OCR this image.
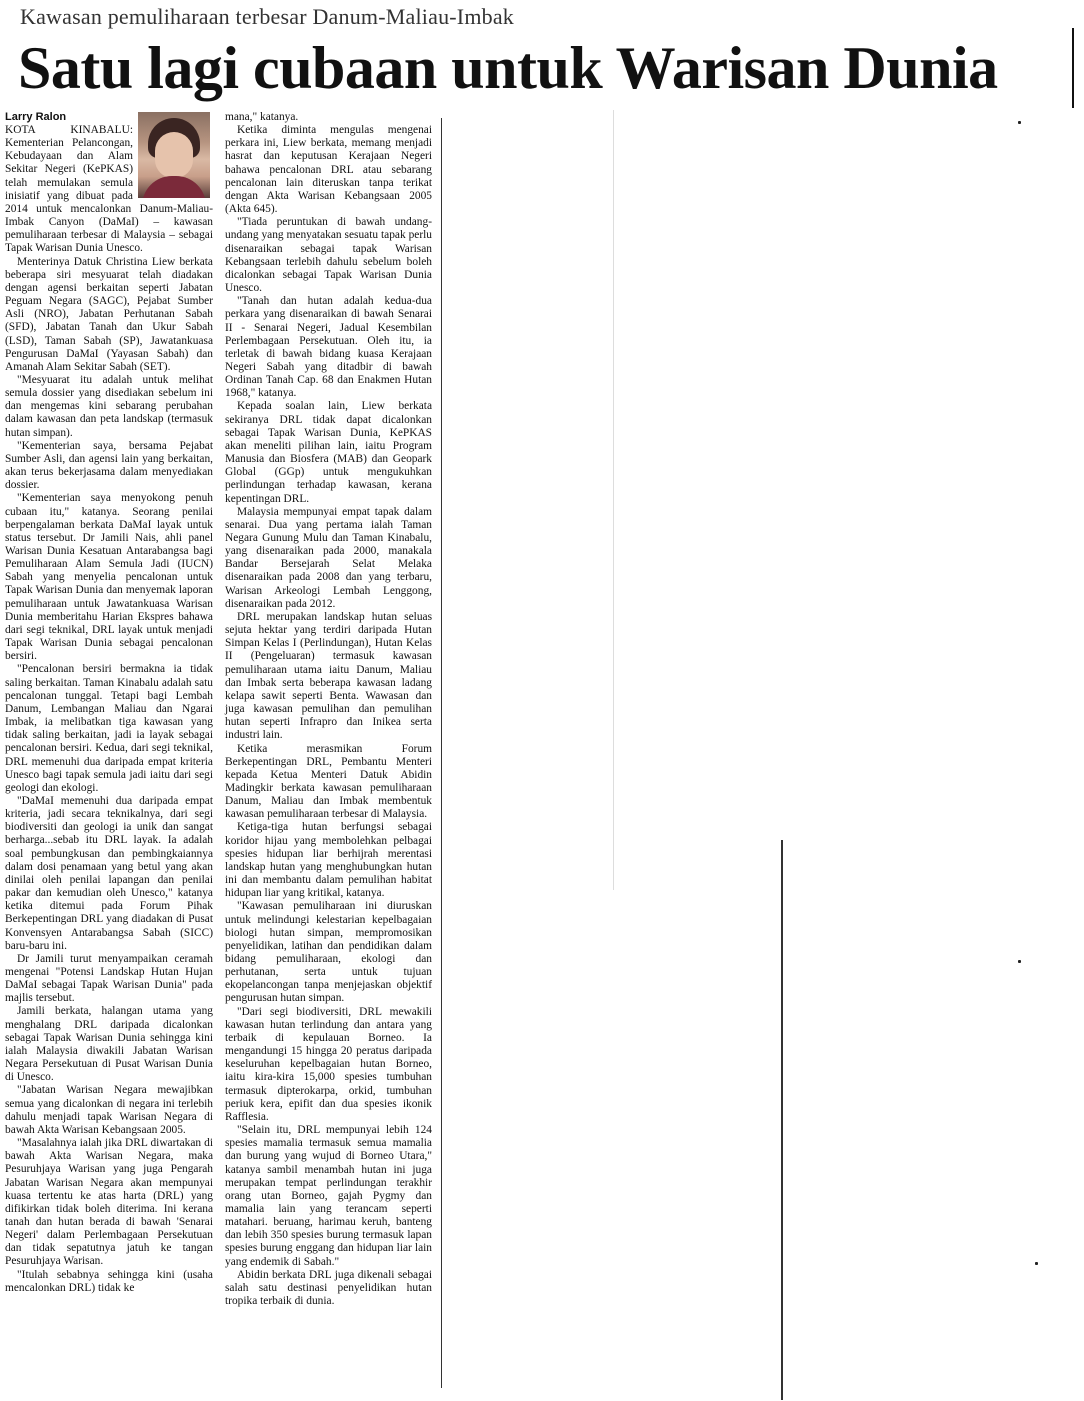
Kawasan pemuliharaan terbesar Danum-Maliau-Imbak
Satu lagi cubaan untuk Warisan Dunia
Larry Ralon

KOTA KINABALU: Kementerian Pelancongan, Kebudayaan dan Alam Sekitar Negeri (KePKAS) telah memulakan semula inisiatif yang dibuat pada 2014 untuk mencalonkan Danum-Maliau-Imbak Canyon (DaMaI) – kawasan pemuliharaan terbesar di Malaysia – sebagai Tapak Warisan Dunia Unesco.

Menterinya Datuk Christina Liew berkata beberapa siri mesyuarat telah diadakan dengan agensi berkaitan seperti Jabatan Peguam Negara (SAGC), Pejabat Sumber Asli (NRO), Jabatan Perhutanan Sabah (SFD), Jabatan Tanah dan Ukur Sabah (LSD), Taman Sabah (SP), Jawatankuasa Pengurusan DaMaI (Yayasan Sabah) dan Amanah Alam Sekitar Sabah (SET).

"Mesyuarat itu adalah untuk melihat semula dossier yang disediakan sebelum ini dan mengemas kini sebarang perubahan dalam kawasan dan peta landskap (termasuk hutan simpan).

"Kementerian saya, bersama Pejabat Sumber Asli, dan agensi lain yang berkaitan, akan terus bekerjasama dalam menyediakan dossier.

"Kementerian saya menyokong penuh cubaan itu," katanya. Seorang penilai berpengalaman berkata DaMaI layak untuk status tersebut. Dr Jamili Nais, ahli panel Warisan Dunia Kesatuan Antarabangsa bagi Pemuliharaan Alam Semula Jadi (IUCN) Sabah yang menyelia pencalonan untuk Tapak Warisan Dunia dan menyemak laporan pemuliharaan untuk Jawatankuasa Warisan Dunia memberitahu Harian Ekspres bahawa dari segi teknikal, DRL layak untuk menjadi Tapak Warisan Dunia sebagai pencalonan bersiri.

"Pencalonan bersiri bermakna ia tidak saling berkaitan. Taman Kinabalu adalah satu pencalonan tunggal. Tetapi bagi Lembah Danum, Lembangan Maliau dan Ngarai Imbak, ia melibatkan tiga kawasan yang tidak saling berkaitan, jadi ia layak sebagai pencalonan bersiri. Kedua, dari segi teknikal, DRL memenuhi dua daripada empat kriteria Unesco bagi tapak semula jadi iaitu dari segi geologi dan ekologi.

"DaMaI memenuhi dua daripada empat kriteria, jadi secara teknikalnya, dari segi biodiversiti dan geologi ia unik dan sangat berharga...sebab itu DRL layak. Ia adalah soal pembungkusan dan pembingkaiannya dalam dosi penamaan yang betul yang akan dinilai oleh penilai lapangan dan penilai pakar dan kemudian oleh Unesco," katanya ketika ditemui pada Forum Pihak Berkepentingan DRL yang diadakan di Pusat Konvensyen Antarabangsa Sabah (SICC) baru-baru ini.

Dr Jamili turut menyampaikan ceramah mengenai "Potensi Landskap Hutan Hujan DaMaI sebagai Tapak Warisan Dunia" pada majlis tersebut.

Jamili berkata, halangan utama yang menghalang DRL daripada dicalonkan sebagai Tapak Warisan Dunia sehingga kini ialah Malaysia diwakili Jabatan Warisan Negara Persekutuan di Pusat Warisan Dunia di Unesco.

"Jabatan Warisan Negara mewajibkan semua yang dicalonkan di negara ini terlebih dahulu menjadi tapak Warisan Negara di bawah Akta Warisan Kebangsaan 2005.

"Masalahnya ialah jika DRL diwartakan di bawah Akta Warisan Negara, maka Pesuruhjaya Warisan yang juga Pengarah Jabatan Warisan Negara akan mempunyai kuasa tertentu ke atas harta (DRL) yang difikirkan tidak boleh diterima. Ini kerana tanah dan hutan berada di bawah 'Senarai Negeri' dalam Perlembagaan Persekutuan dan tidak sepatutnya jatuh ke tangan Pesuruhjaya Warisan.

"Itulah sebabnya sehingga kini (usaha mencalonkan DRL) tidak ke

mana," katanya.

Ketika diminta mengulas mengenai perkara ini, Liew berkata, memang menjadi hasrat dan keputusan Kerajaan Negeri bahawa pencalonan DRL atau sebarang pencalonan lain diteruskan tanpa terikat dengan Akta Warisan Kebangsaan 2005 (Akta 645).

"Tiada peruntukan di bawah undang-undang yang menyatakan sesuatu tapak perlu disenaraikan sebagai tapak Warisan Kebangsaan terlebih dahulu sebelum boleh dicalonkan sebagai Tapak Warisan Dunia Unesco.

"Tanah dan hutan adalah kedua-dua perkara yang disenaraikan di bawah Senarai II - Senarai Negeri, Jadual Kesembilan Perlembagaan Persekutuan. Oleh itu, ia terletak di bawah bidang kuasa Kerajaan Negeri Sabah yang ditadbir di bawah Ordinan Tanah Cap. 68 dan Enakmen Hutan 1968," katanya.

Kepada soalan lain, Liew berkata sekiranya DRL tidak dapat dicalonkan sebagai Tapak Warisan Dunia, KePKAS akan meneliti pilihan lain, iaitu Program Manusia dan Biosfera (MAB) dan Geopark Global (GGp) untuk mengukuhkan perlindungan terhadap kawasan, kerana kepentingan DRL.

Malaysia mempunyai empat tapak dalam senarai. Dua yang pertama ialah Taman Negara Gunung Mulu dan Taman Kinabalu, yang disenaraikan pada 2000, manakala Bandar Bersejarah Selat Melaka disenaraikan pada 2008 dan yang terbaru, Warisan Arkeologi Lembah Lenggong, disenaraikan pada 2012.

DRL merupakan landskap hutan seluas sejuta hektar yang terdiri daripada Hutan Simpan Kelas I (Perlindungan), Hutan Kelas II (Pengeluaran) termasuk kawasan pemuliharaan utama iaitu Danum, Maliau dan Imbak serta beberapa kawasan ladang kelapa sawit seperti Benta. Wawasan dan juga kawasan pemulihan dan pemulihan hutan seperti Infrapro dan Inikea serta industri lain.

Ketika merasmikan Forum Berkepentingan DRL, Pembantu Menteri kepada Ketua Menteri Datuk Abidin Madingkir berkata kawasan pemuliharaan Danum, Maliau dan Imbak membentuk kawasan pemuliharaan terbesar di Malaysia.

Ketiga-tiga hutan berfungsi sebagai koridor hijau yang membolehkan pelbagai spesies hidupan liar berhijrah merentasi landskap hutan yang menghubungkan hutan ini dan membantu dalam pemulihan habitat hidupan liar yang kritikal, katanya.

"Kawasan pemuliharaan ini diuruskan untuk melindungi kelestarian kepelbagaian biologi hutan simpan, mempromosikan penyelidikan, latihan dan pendidikan dalam bidang pemuliharaan, ekologi dan perhutanan, serta untuk tujuan ekopelancongan tanpa menjejaskan objektif pengurusan hutan simpan.

"Dari segi biodiversiti, DRL mewakili kawasan hutan terlindung dan antara yang terbaik di kepulauan Borneo. Ia mengandungi 15 hingga 20 peratus daripada keseluruhan kepelbagaian hutan Borneo, iaitu kira-kira 15,000 spesies tumbuhan termasuk dipterokarpa, orkid, tumbuhan periuk kera, epifit dan dua spesies ikonik Rafflesia.

"Selain itu, DRL mempunyai lebih 124 spesies mamalia termasuk semua mamalia dan burung yang wujud di Borneo Utara," katanya sambil menambah hutan ini juga merupakan tempat perlindungan terakhir orang utan Borneo, gajah Pygmy dan mamalia lain yang terancam seperti matahari. beruang, harimau keruh, banteng dan lebih 350 spesies burung termasuk lapan spesies burung enggang dan hidupan liar lain yang endemik di Sabah."

Abidin berkata DRL juga dikenali sebagai salah satu destinasi penyelidikan hutan tropika terbaik di dunia.
